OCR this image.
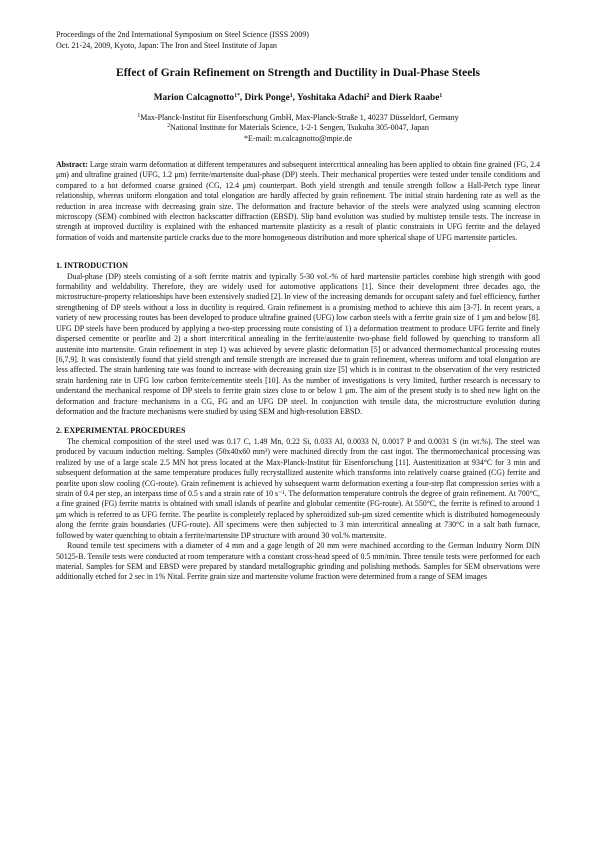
Proceedings of the 2nd International Symposium on Steel Science (ISSS 2009)
Oct. 21-24, 2009, Kyoto, Japan: The Iron and Steel Institute of Japan
Effect of Grain Refinement on Strength and Ductility in Dual-Phase Steels
Marion Calcagnotto$^{1*}$, Dirk Ponge$^1$, Yoshitaka Adachi$^2$ and Dierk Raabe$^1$
$^1$Max-Planck-Institut für Eisenforschung GmbH, Max-Planck-Straße 1, 40237 Düsseldorf, Germany
$^2$National Institute for Materials Science, 1-2-1 Sengen, Tsukuba 305-0047, Japan
*E-mail: m.calcagnotto@mpie.de
Abstract: Large strain warm deformation at different temperatures and subsequent intercritical annealing has been applied to obtain fine grained (FG, 2.4 μm) and ultrafine grained (UFG, 1.2 μm) ferrite/martensite dual-phase (DP) steels. Their mechanical properties were tested under tensile conditions and compared to a hot deformed coarse grained (CG, 12.4 μm) counterpart. Both yield strength and tensile strength follow a Hall-Petch type linear relationship, whereas uniform elongation and total elongation are hardly affected by grain refinement. The initial strain hardening rate as well as the reduction in area increase with decreasing grain size. The deformation and fracture behavior of the steels were analyzed using scanning electron microscopy (SEM) combined with electron backscatter diffraction (EBSD). Slip band evolution was studied by multistep tensile tests. The increase in strength at improved ductility is explained with the enhanced martensite plasticity as a result of plastic constraints in UFG ferrite and the delayed formation of voids and martensite particle cracks due to the more homogeneous distribution and more spherical shape of UFG martensite particles.
1. INTRODUCTION
Dual-phase (DP) steels consisting of a soft ferrite matrix and typically 5-30 vol.-% of hard martensite particles combine high strength with good formability and weldability. Therefore, they are widely used for automotive applications [1]. Since their development three decades ago, the microstructure-property relationships have been extensively studied [2]. In view of the increasing demands for occupant safety and fuel efficiency, further strengthening of DP steels without a loss in ductility is required. Grain refinement is a promising method to achieve this aim [3-7]. In recent years, a variety of new processing routes has been developed to produce ultrafine grained (UFG) low carbon steels with a ferrite grain size of 1 μm and below [8]. UFG DP steels have been produced by applying a two-step processing route consisting of 1) a deformation treatment to produce UFG ferrite and finely dispersed cementite or pearlite and 2) a short intercritical annealing in the ferrite/austenite two-phase field followed by quenching to transform all austenite into martensite. Grain refinement in step 1) was achieved by severe plastic deformation [5] or advanced thermomechanical processing routes [6,7,9]. It was consistently found that yield strength and tensile strength are increased due to grain refinement, whereas uniform and total elongation are less affected. The strain hardening rate was found to increase with decreasing grain size [5] which is in contrast to the observation of the very restricted strain hardening rate in UFG low carbon ferrite/cementite steels [10]. As the number of investigations is very limited, further research is necessary to understand the mechanical response of DP steels to ferrite grain sizes close to or below 1 μm. The aim of the present study is to shed new light on the deformation and fracture mechanisms in a CG, FG and an UFG DP steel. In conjunction with tensile data, the microstructure evolution during deformation and the fracture mechanisms were studied by using SEM and high-resolution EBSD.
2. EXPERIMENTAL PROCEDURES
The chemical composition of the steel used was 0.17 C, 1.49 Mn, 0.22 Si, 0.033 Al, 0.0033 N, 0.0017 P and 0.0031 S (in wt.%). The steel was produced by vacuum induction melting. Samples (50x40x60 mm³) were machined directly from the cast ingot. The thermomechanical processing was realized by use of a large scale 2.5 MN hot press located at the Max-Planck-Institut für Eisenforschung [11]. Austenitization at 934°C for 3 min and subsequent deformation at the same temperature produces fully recrystallized austenite which transforms into relatively coarse grained (CG) ferrite and pearlite upon slow cooling (CG-route). Grain refinement is achieved by subsequent warm deformation exerting a four-step flat compression series with a strain of 0.4 per step, an interpass time of 0.5 s and a strain rate of 10 s⁻¹. The deformation temperature controls the degree of grain refinement. At 700°C, a fine grained (FG) ferrite matrix is obtained with small islands of pearlite and globular cementite (FG-route). At 550°C, the ferrite is refined to around 1 μm which is referred to as UFG ferrite. The pearlite is completely replaced by spheroidized sub-μm sized cementite which is distributed homogeneously along the ferrite grain boundaries (UFG-route). All specimens were then subjected to 3 min intercritical annealing at 730°C in a salt bath furnace, followed by water quenching to obtain a ferrite/martensite DP structure with around 30 vol.% martensite.
Round tensile test specimens with a diameter of 4 mm and a gage length of 20 mm were machined according to the German Industry Norm DIN 50125-B. Tensile tests were conducted at room temperature with a constant cross-head speed of 0.5 mm/min. Three tensile tests were performed for each material. Samples for SEM and EBSD were prepared by standard metallographic grinding and polishing methods. Samples for SEM observations were additionally etched for 2 sec in 1% Nital. Ferrite grain size and martensite volume fraction were determined from a range of SEM images
